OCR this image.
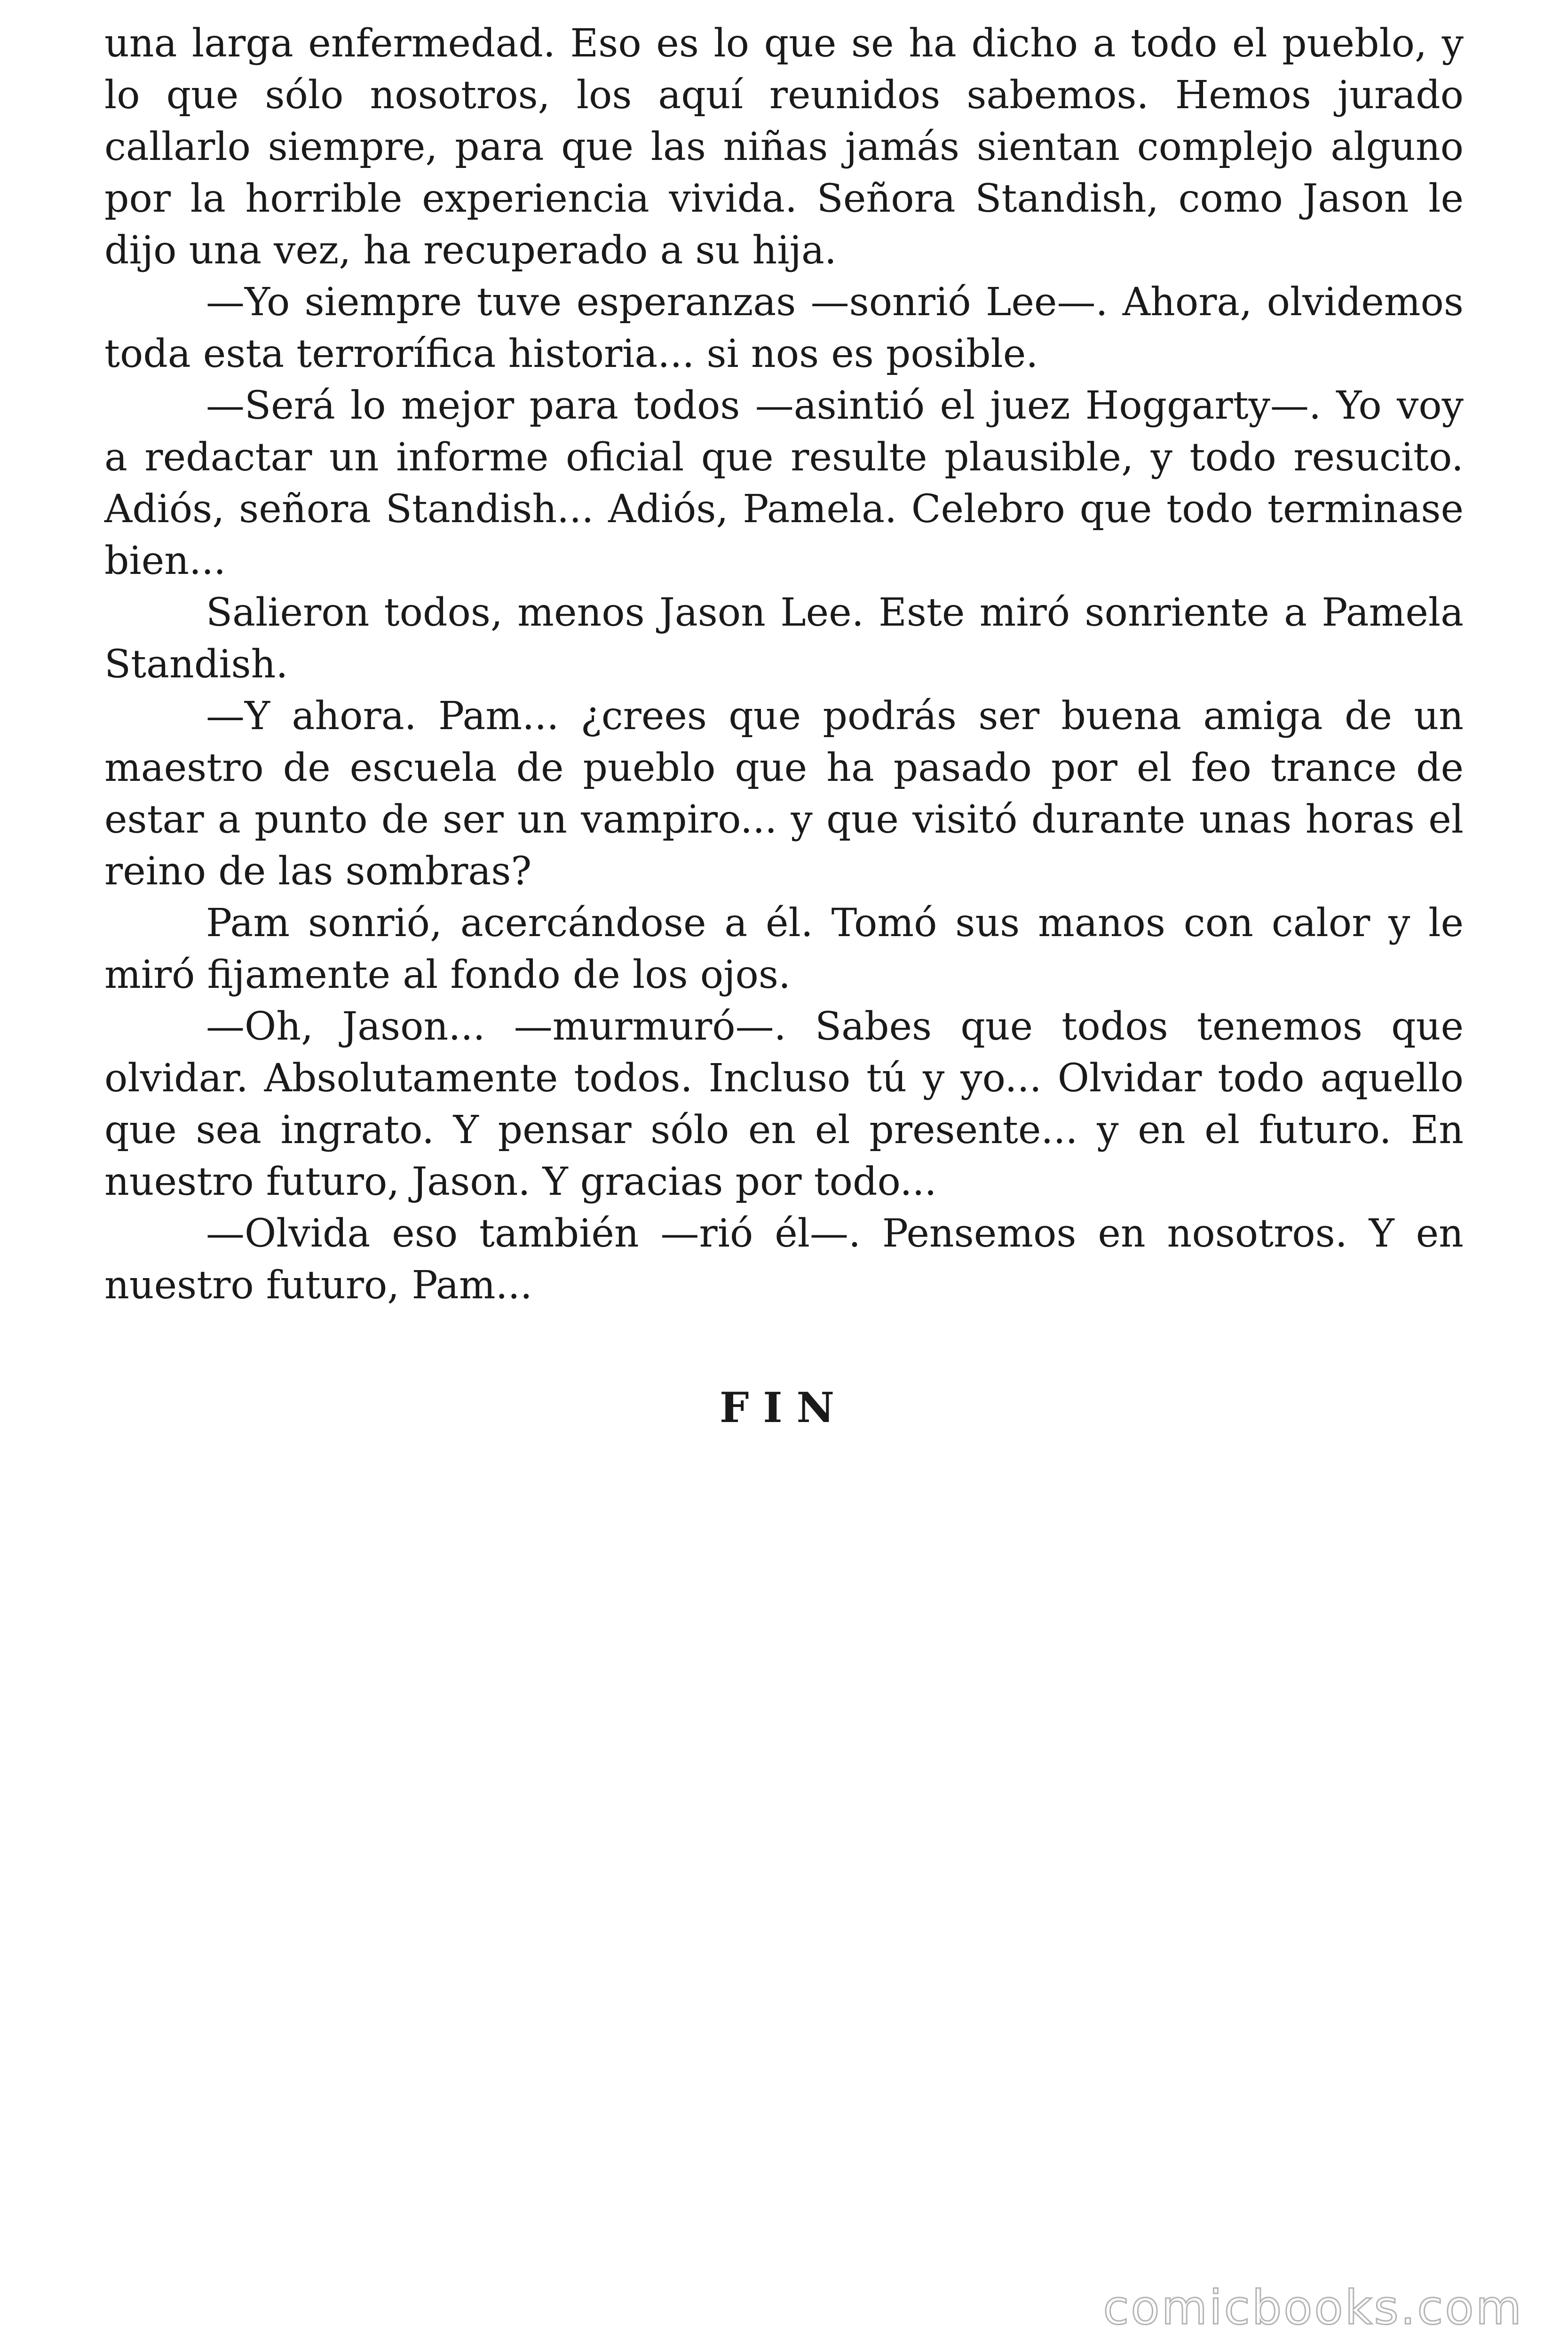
una larga enfermedad. Eso es lo que se ha dicho a todo el pueblo, y lo que sólo nosotros, los aquí reunidos sabemos. Hemos jurado callarlo siempre, para que las niñas jamás sientan complejo alguno por la horrible experiencia vivida. Señora Standish, como Jason le dijo una vez, ha recuperado a su hija.

—Yo siempre tuve esperanzas —sonrió Lee—. Ahora, olvidemos toda esta terrorífica historia... si nos es posible.

—Será lo mejor para todos —asintió el juez Hoggarty—. Yo voy a redactar un informe oficial que resulte plausible, y todo resucito. Adiós, señora Standish... Adiós, Pamela. Celebro que todo terminase bien...

Salieron todos, menos Jason Lee. Este miró sonriente a Pamela Standish.

—Y ahora. Pam... ¿crees que podrás ser buena amiga de un maestro de escuela de pueblo que ha pasado por el feo trance de estar a punto de ser un vampiro... y que visitó durante unas horas el reino de las sombras?

Pam sonrió, acercándose a él. Tomó sus manos con calor y le miró fijamente al fondo de los ojos.

—Oh, Jason... —murmuró—. Sabes que todos tenemos que olvidar. Absolutamente todos. Incluso tú y yo... Olvidar todo aquello que sea ingrato. Y pensar sólo en el presente... y en el futuro. En nuestro futuro, Jason. Y gracias por todo...

—Olvida eso también —rió él—. Pensemos en nosotros. Y en nuestro futuro, Pam...

FIN
comicbooks.com
